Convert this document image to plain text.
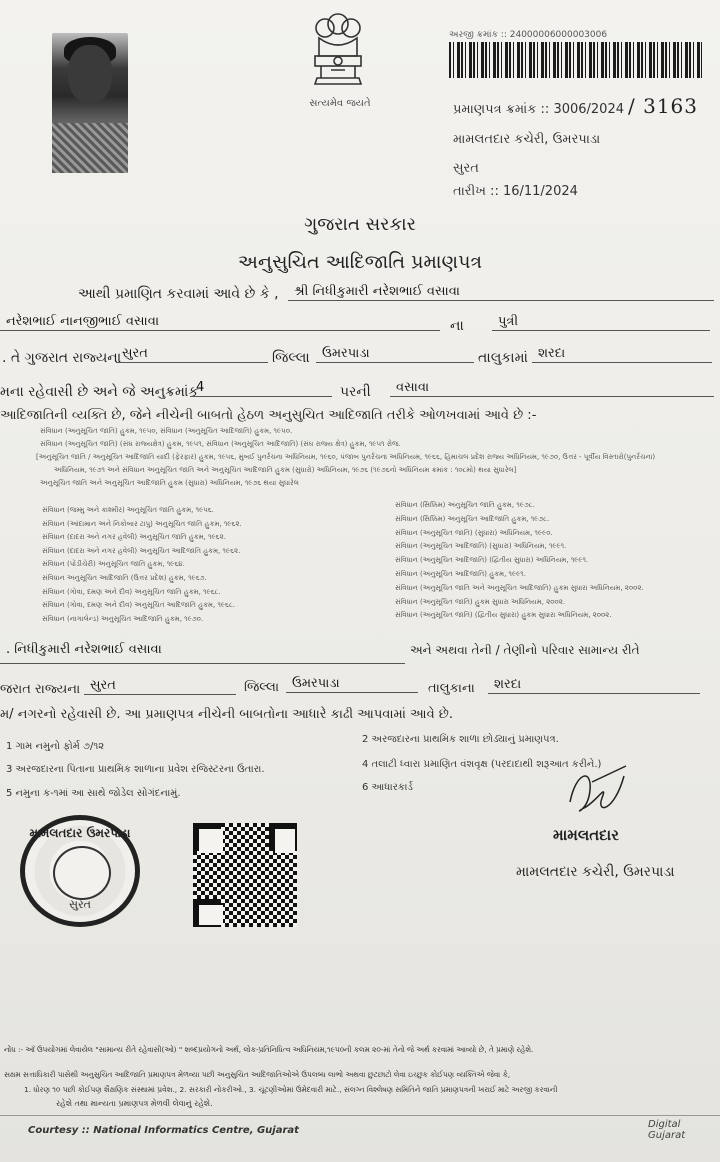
સત્યમેવ જયતે
અરજી ક્રમાંક :: 24000006000003006
પ્રમાણપત્ર ક્રમાંક :: 3006/2024 / 3163
મામલતદાર કચેરી, ઉમરપાડા
સુરત
તારીખ :: 16/11/2024
ગુજરાત સરકાર
અનુસુચિત આદિજાતિ પ્રમાણપત્ર
આથી પ્રમાણિત કરવામાં આવે છે કે ,	શ્રી નિધીકુમારી નરેશભાઈ વસાવા
નરેશભાઈ નાનજીભાઈ વસાવા	ના	પુત્રી
. તે ગુજરાત રાજ્યના સુરત	જિલ્લા ઉમરપાડા	તાલુકામાં શરદા
મના રહેવાસી છે અને જે અનુક્રમાંક
4	પરની	વસાવા
આદિજાતિની વ્યક્તિ છે, જેને નીચેની બાબતો હેઠળ અનુસુચિત આદિજાતિ તરીકે ઓળખવામાં આવે છે :-
સંવિધાન (અનુસૂચિત જાતિ) હુકમ, ૧૯૫૦, સંવિધાન (અનુસૂચિત આદિજાતિ) હુકમ, ૧૯૫૦.
સંવિધાન (અનુસૂચિત જાતિ) (સંઘ રાજ્યક્ષેત્ર) હુકમ, ૧૯૫૧, સંવિધાન (અનુસૂચિત આદિજાતિ) (સંઘ રાજ્ય ક્ષેત્ર) હુકમ, ૧૯૫૧ રોજ.
[અનુસૂચિત જાતિ / અનુસૂચિત આદિજાતિ યાદી (ફેરફાર) હુકમ, ૧૯૫૬, મુંબઈ પુનર્રચના અધિનિયમ, ૧૯૬૦, પંજાબ પુનર્રચના અધિનિયમ, ૧૯૬૬, હિમાચલ પ્રદેશ રાજ્ય અધિનિયમ, ૧૯૭૦, ઉત્તર - પૂર્વીય વિસ્તારો(પુનર્રચના)
અધિનિયમ, ૧૯૭૧ અને સંવિધાન અનુસૂચિત જાતિ અને અનુસૂચિત આદિજાતિ હુકમ (સુધારો) અધિનિયમ, ૧૯૭૬ (૧૯૭૬નો અધિનિયમ ક્રમાંક : ૧૦૮મો) થયા સુધારેલ]
અનુસૂચિત જાતિ અને અનુસૂચિત આદિજાતિ હુકમ (સુધારા) અધિનિયમ, ૧૯૭૬ થયા સુધારેલ
સંવિધાન (જમ્મુ અને કાશ્મીર) અનુસૂચિત જાતિ હુકમ, ૧૯૫૬.
સંવિધાન (આંદામાન અને નિકોબાર ટાપુ) અનુસૂચિત જાતિ હુકમ, ૧૯૬૨.
સંવિધાન (દાદરા અને નગર હવેલી) અનુસૂચિત જાતિ હુકમ, ૧૯૬૨.
સંવિધાન (દાદરા અને નગર હવેલી) અનુસૂચિત આદિજાતિ હુકમ, ૧૯૬૨.
સંવિધાન (પોંડીચેરી) અનુસૂચિત જાતિ હુકમ, ૧૯૬૪.
સંવિધાન અનુસૂચિત આદિજાતિ (ઉત્તર પ્રદેશ) હુકમ, ૧૯૬૭.
સંવિધાન (ગોવા, દમણ અને દીવ) અનુસૂચિત જાતિ હુકમ, ૧૯૬૮.
સંવિધાન (ગોવા, દમણ અને દીવ) અનુસૂચિત આદિજાતિ હુકમ, ૧૯૬૮.
સંવિધાન (નાગાલેન્ડ) અનુસૂચિત આદિજાતિ હુકમ, ૧૯૭૦.
સંવિધાન (સિક્કિમ) અનુસૂચિત જાતિ હુકમ, ૧૯૭૮.
સંવિધાન (સિક્કિમ) અનુસૂચિત આદિજાતિ હુકમ, ૧૯૭૮.
સંવિધાન (અનુસૂચિત જાતિ) (સુધારા) અધિનિયમ, ૧૯૯૦.
સંવિધાન (અનુસૂચિત આદિજાતિ) (સુધારા) અધિનિયમ, ૧૯૯૧.
સંવિધાન (અનુસૂચિત આદિજાતિ) (દ્વિતીય સુધારા) અધિનિયમ, ૧૯૯૧.
સંવિધાન (અનુસૂચિત આદિજાતિ) હુકમ, ૧૯૯૧.
સંવિધાન (અનુસૂચિત જાતિ અને અનુસૂચિત આદિજાતિ) હુકમ સુધારા અધિનિયમ, ૨૦૦૨.
સંવિધાન (અનુસૂચિત જાતિ) હુકમ સુધારા અધિનિયમ, ૨૦૦૨.
સંવિધાન (અનુસૂચિત જાતિ) (દ્વિતીય સુધારા) હુકમ સુધારા અધિનિયમ, ૨૦૦૨.
. નિધીકુમારી નરેશભાઈ વસાવા	અને અથવા તેની / તેણીનો પરિવાર સામાન્ય રીતે
જરાત રાજ્યના સુરત	જિલ્લા ઉમરપાડા	તાલુકાના	શરદા
મ/ નગરનો રહેવાસી છે. આ પ્રમાણપત્ર નીચેની બાબતોના આધારે કાઢી આપવામાં આવે છે.
1 ગામ નમુનો ફોર્મ ૭/૧૨
2 અરજદારના પ્રાથમિક શાળા છોડ્યાનું પ્રમાણપત્ર.
3 અરજદારના પિતાના પ્રાથમિક શાળાના પ્રવેશ રજિસ્ટરના ઉતારા.	4 તલાટી ધ્વારા પ્રમાણિત વંશવૃક્ષ (પરદાદાથી શરૂઆત કરીને.)
5 નમુના ક-૧માં આ સાથે જોડેલ સોગંદનામું.
6 આધારકાર્ડ
મામલતદાર ઉમરપાડા
સુરત
મામલતદાર
મામલતદાર કચેરી, ઉમરપાડા
નોંધ :- આઁ ઉપયોગમાં લેવાયેલ "સામાન્ય રીતે રહેવાસી(ઓ) " શબ્દપ્રયોગનો અર્થ, લોક-પ્રતિનિધિત્વ અધિનિયમ,૧૯૫૦ની કલમ ૨૦-માં તેનો જે અર્થ કરવામાં આવ્યો છે, તે પ્રમાણે રહેશે.
સક્ષમ સત્તાધિકારી પાસેથી અનુસુચિત આદિજાતિ પ્રમાણપત્ર મેળવ્યા પછી અનુસુચિત આદિજાતિઓએ ઉપલબ્ધ લાભો અથવા છુટછાટો લેવા ઇચ્છુક કોઈપણ વ્યક્તિએ જેવા કે,
1. ધોરણ ૧૦ પછી કોઈપણ શૈક્ષણિક સંસ્થામાં પ્રવેશ., 2. સરકારી નોકરીઓ., 3. ચૂંટણીઓમાં ઉમેદવારી માટે., સંલગ્ન વિશ્લેષણ સમિતિને જાતિ પ્રમાણપત્રની ખરાઈ માટે અરજી કરવાની
રહેશે તથા માન્યતા પ્રમાણપત્ર મેળવી લેવાનું રહેશે.
Courtesy :: National Informatics Centre, Gujarat
Digital Gujarat
